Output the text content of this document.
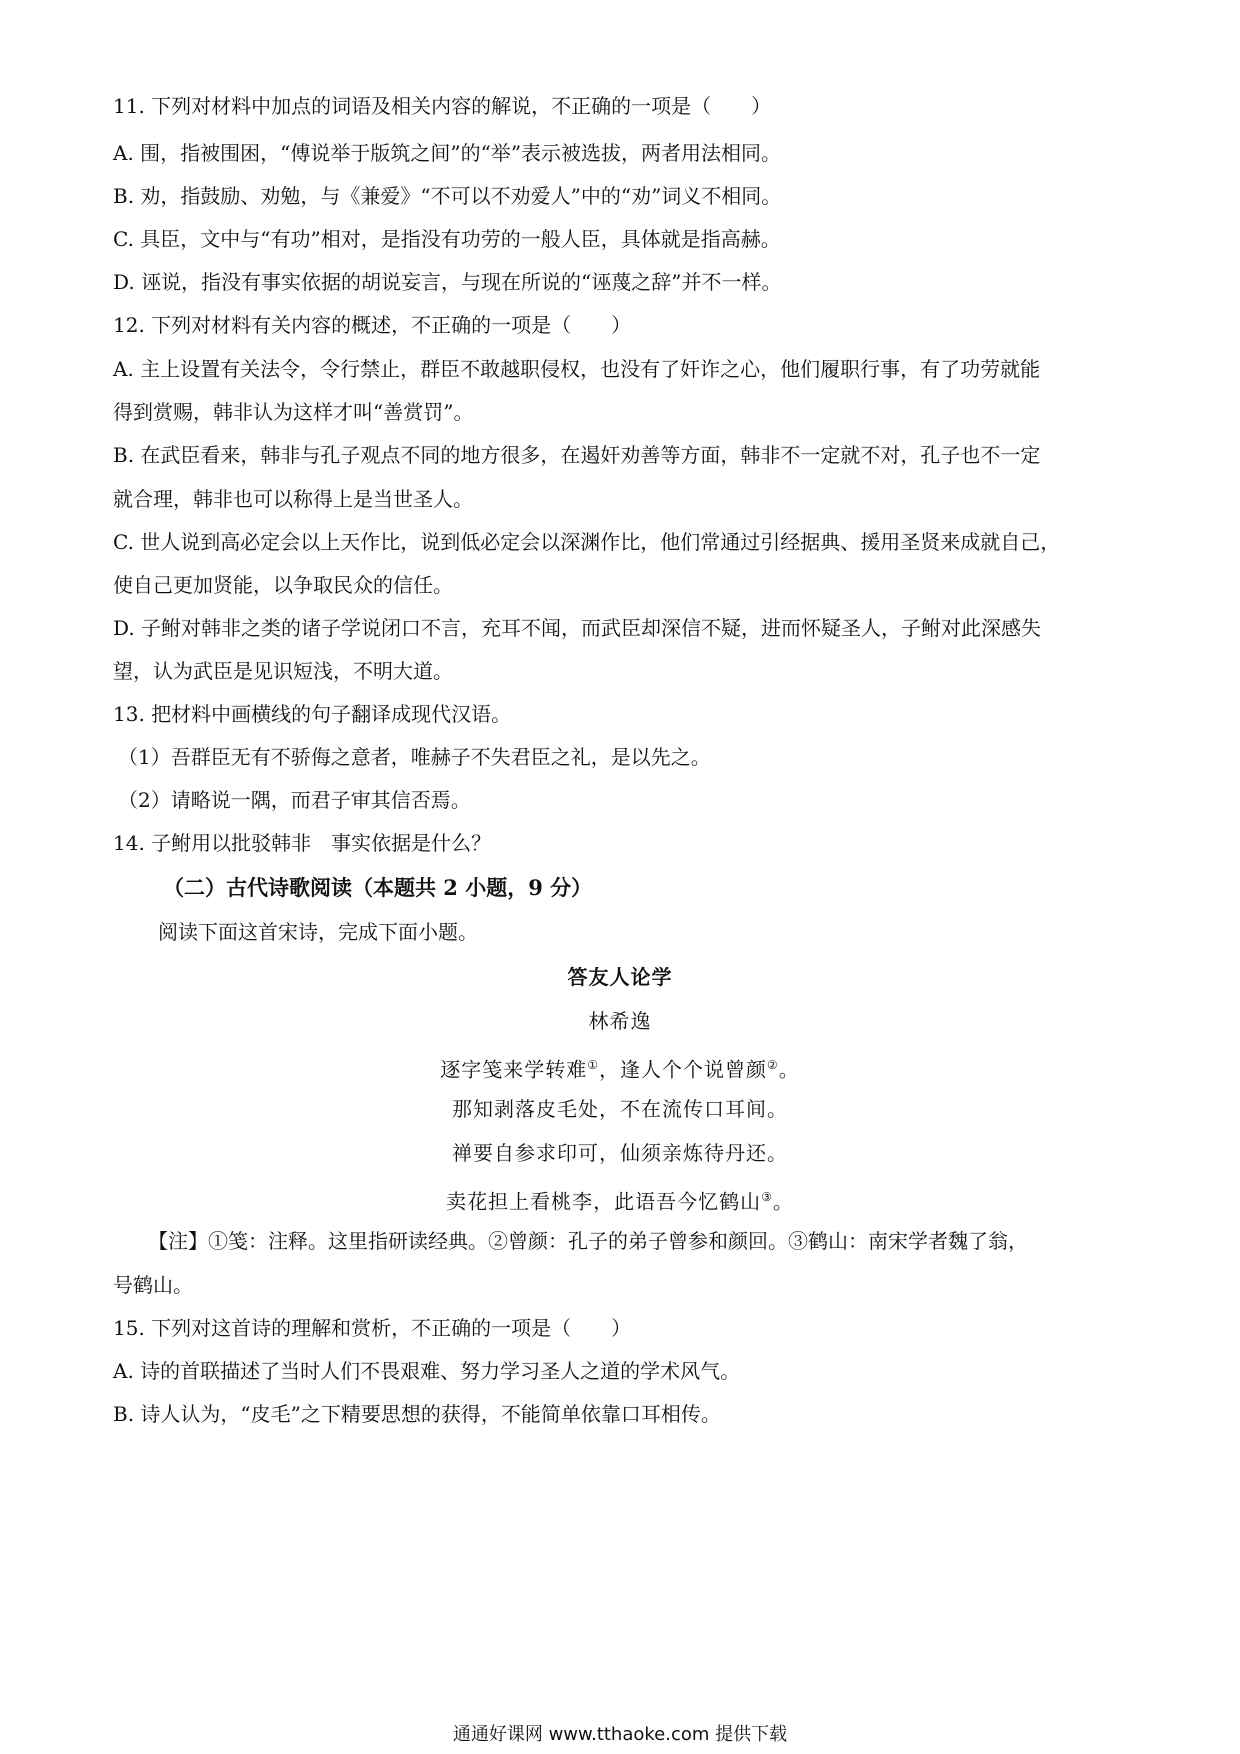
11. 下列对材料中加点的词语及相关内容的解说，不正确的一项是（　　）
A. 围，指被围困，“傅说举于版筑之间”的“举”表示被选拔，两者用法相同。
B. 劝，指鼓励、劝勉，与《兼爱》“不可以不劝爱人”中的“劝”词义不相同。
C. 具臣，文中与“有功”相对，是指没有功劳的一般人臣，具体就是指高赫。
D. 诬说，指没有事实依据的胡说妄言，与现在所说的“诬蔑之辞”并不一样。
12. 下列对材料有关内容的概述，不正确的一项是（　　）
A. 主上设置有关法令，令行禁止，群臣不敢越职侵权，也没有了奸诈之心，他们履职行事，有了功劳就能
得到赏赐，韩非认为这样才叫“善赏罚”。
B. 在武臣看来，韩非与孔子观点不同的地方很多，在遏奸劝善等方面，韩非不一定就不对，孔子也不一定
就合理，韩非也可以称得上是当世圣人。
C. 世人说到高必定会以上天作比，说到低必定会以深渊作比，他们常通过引经据典、援用圣贤来成就自己，
使自己更加贤能，以争取民众的信任。
D. 子鲋对韩非之类的诸子学说闭口不言，充耳不闻，而武臣却深信不疑，进而怀疑圣人，子鲋对此深感失
望，认为武臣是见识短浅，不明大道。
13. 把材料中画横线的句子翻译成现代汉语。
（1）吾群臣无有不骄侮之意者，唯赫子不失君臣之礼，是以先之。
（2）请略说一隅，而君子审其信否焉。
14. 子鲋用以批驳韩非　事实依据是什么？
（二）古代诗歌阅读（本题共 2 小题，9 分）
阅读下面这首宋诗，完成下面小题。
答友人论学
林希逸
逐字笺来学转难①，逢人个个说曾颜②。
那知剥落皮毛处，不在流传口耳间。
禅要自参求印可，仙须亲炼待丹还。
卖花担上看桃李，此语吾今忆鹤山③。
【注】①笺：注释。这里指研读经典。②曾颜：孔子的弟子曾参和颜回。③鹤山：南宋学者魏了翁，
号鹤山。
15. 下列对这首诗的理解和赏析，不正确的一项是（　　）
A. 诗的首联描述了当时人们不畏艰难、努力学习圣人之道的学术风气。
B. 诗人认为，“皮毛”之下精要思想的获得，不能简单依靠口耳相传。
通通好课网 www.tthaoke.com 提供下载
